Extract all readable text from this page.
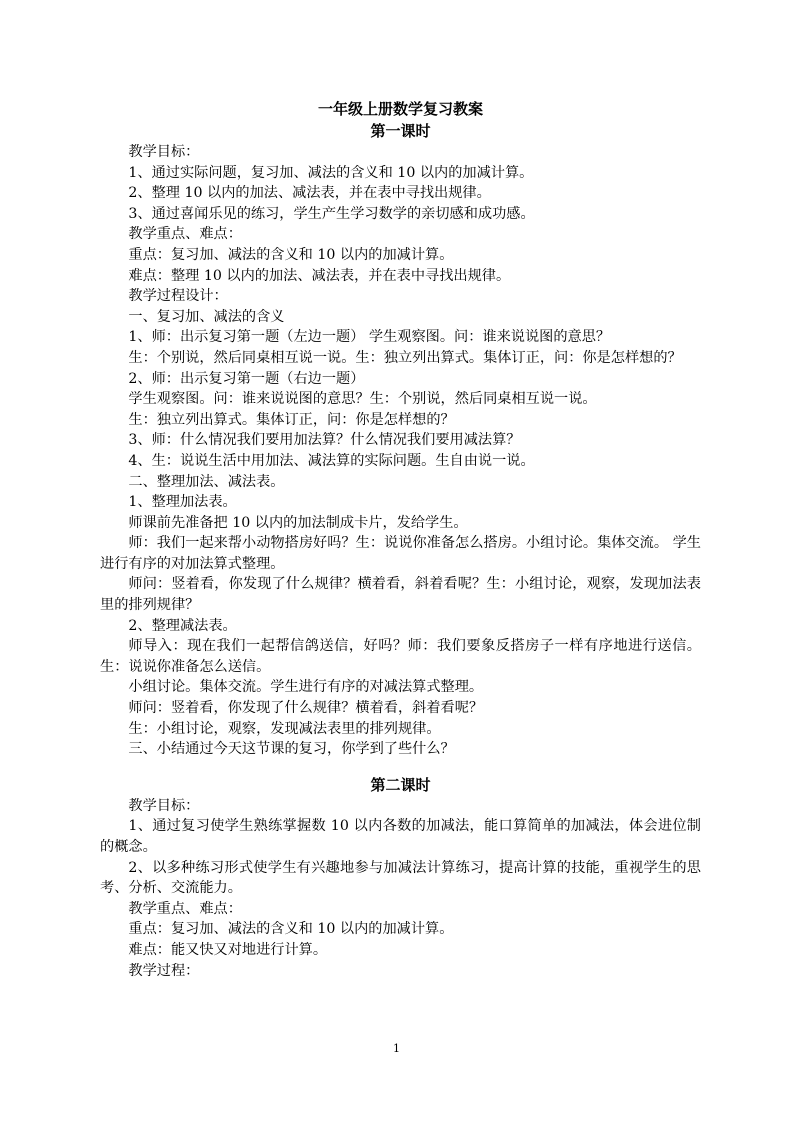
一年级上册数学复习教案
第一课时

教学目标：

1、通过实际问题，复习加、减法的含义和 10 以内的加减计算。

2、整理 10 以内的加法、减法表，并在表中寻找出规律。

3、通过喜闻乐见的练习，学生产生学习数学的亲切感和成功感。

教学重点、难点：

重点：复习加、减法的含义和 10 以内的加减计算。

难点：整理 10 以内的加法、减法表，并在表中寻找出规律。

教学过程设计：

一、复习加、减法的含义

1、师：出示复习第一题（左边一题） 学生观察图。问：谁来说说图的意思？

生：个别说，然后同桌相互说一说。生：独立列出算式。集体订正，问：你是怎样想的？

2、师：出示复习第一题（右边一题）

学生观察图。问：谁来说说图的意思？生：个别说，然后同桌相互说一说。

生：独立列出算式。集体订正，问：你是怎样想的？

3、师：什么情况我们要用加法算？什么情况我们要用减法算？

4、生：说说生活中用加法、减法算的实际问题。生自由说一说。

二、整理加法、减法表。

1、整理加法表。

师课前先准备把 10 以内的加法制成卡片，发给学生。

师：我们一起来帮小动物搭房好吗？生：说说你准备怎么搭房。小组讨论。集体交流。 学生进行有序的对加法算式整理。

师问：竖着看，你发现了什么规律？横着看，斜着看呢？生：小组讨论，观察，发现加法表里的排列规律？

2、整理减法表。

师导入：现在我们一起帮信鸽送信，好吗？师：我们要象反搭房子一样有序地进行送信。生：说说你准备怎么送信。

小组讨论。集体交流。学生进行有序的对减法算式整理。

师问：竖着看，你发现了什么规律？横着看，斜着看呢？

生：小组讨论，观察，发现减法表里的排列规律。

三、小结通过今天这节课的复习，你学到了些什么？

第二课时

教学目标：

1、通过复习使学生熟练掌握数 10 以内各数的加减法，能口算简单的加减法，体会进位制的概念。

2、以多种练习形式使学生有兴趣地参与加减法计算练习，提高计算的技能，重视学生的思考、分析、交流能力。

教学重点、难点：

重点：复习加、减法的含义和 10 以内的加减计算。

难点：能又快又对地进行计算。

教学过程：

1
